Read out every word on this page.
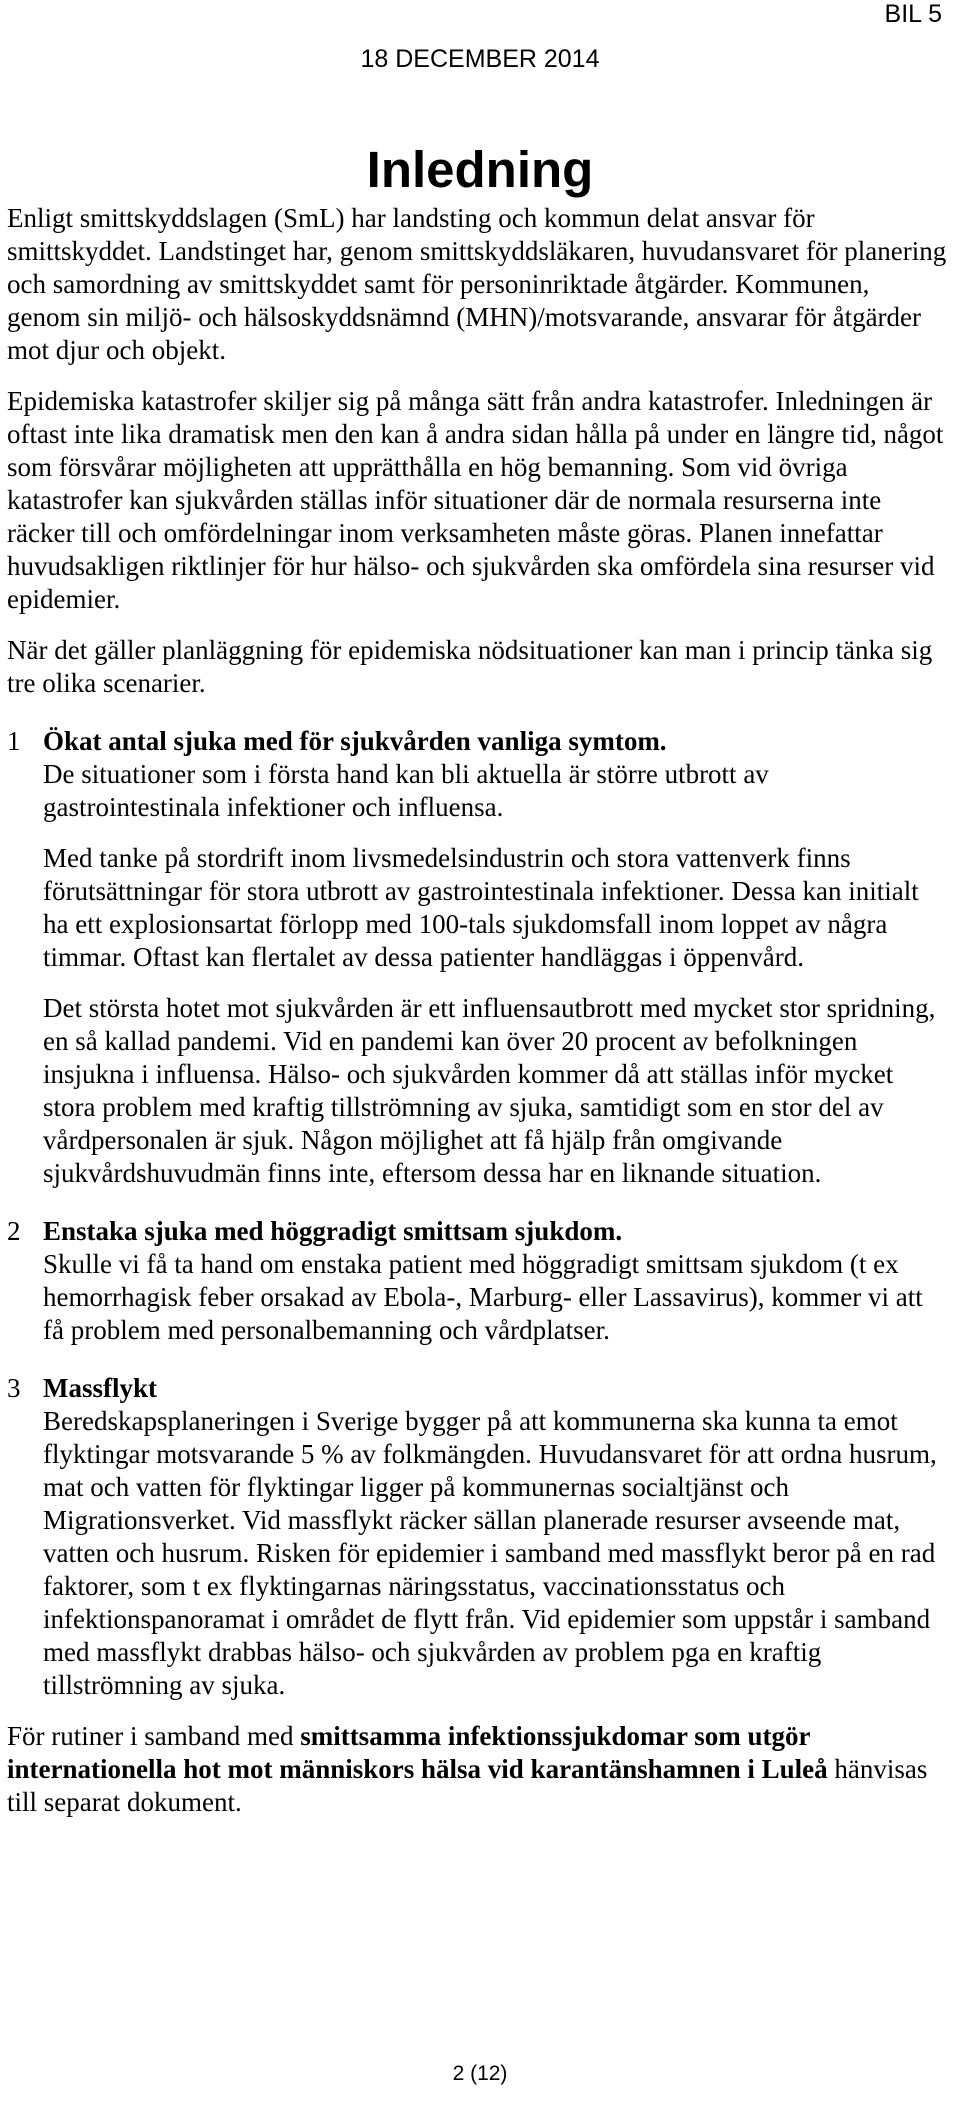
BIL 5
18 DECEMBER 2014
Inledning

Enligt smittskyddslagen (SmL) har landsting och kommun delat ansvar för smittskyddet. Landstinget har, genom smittskyddsläkaren, huvudansvaret för planering och samordning av smittskyddet samt för personinriktade åtgärder. Kommunen, genom sin miljö- och hälsoskyddsnämnd (MHN)/motsvarande, ansvarar för åtgärder mot djur och objekt.

Epidemiska katastrofer skiljer sig på många sätt från andra katastrofer. Inledningen är oftast inte lika dramatisk men den kan å andra sidan hålla på under en längre tid, något som försvårar möjligheten att upprätthålla en hög bemanning. Som vid övriga katastrofer kan sjukvården ställas inför situationer där de normala resurserna inte räcker till och omfördelningar inom verksamheten måste göras. Planen innefattar huvudsakligen riktlinjer för hur hälso- och sjukvården ska omfördela sina resurser vid epidemier.

När det gäller planläggning för epidemiska nödsituationer kan man i princip tänka sig tre olika scenarier.

1 Ökat antal sjuka med för sjukvården vanliga symtom.

De situationer som i första hand kan bli aktuella är större utbrott av gastrointestinala infektioner och influensa.

Med tanke på stordrift inom livsmedelsindustrin och stora vattenverk finns förutsättningar för stora utbrott av gastrointestinala infektioner. Dessa kan initialt ha ett explosionsartat förlopp med 100-tals sjukdomsfall inom loppet av några timmar. Oftast kan flertalet av dessa patienter handläggas i öppenvård.

Det största hotet mot sjukvården är ett influensautbrott med mycket stor spridning, en så kallad pandemi. Vid en pandemi kan över 20 procent av befolkningen insjukna i influensa. Hälso- och sjukvården kommer då att ställas inför mycket stora problem med kraftig tillströmning av sjuka, samtidigt som en stor del av vårdpersonalen är sjuk. Någon möjlighet att få hjälp från omgivande sjukvårdshuvudmän finns inte, eftersom dessa har en liknande situation.

2 Enstaka sjuka med höggradigt smittsam sjukdom.

Skulle vi få ta hand om enstaka patient med höggradigt smittsam sjukdom (t ex hemorrhagisk feber orsakad av Ebola-, Marburg- eller Lassavirus), kommer vi att få problem med personalbemanning och vårdplatser.

3 Massflykt

Beredskapsplaneringen i Sverige bygger på att kommunerna ska kunna ta emot flyktingar motsvarande 5 % av folkmängden. Huvudansvaret för att ordna husrum, mat och vatten för flyktingar ligger på kommunernas socialtjänst och Migrationsverket. Vid massflykt räcker sällan planerade resurser avseende mat, vatten och husrum. Risken för epidemier i samband med massflykt beror på en rad faktorer, som t ex flyktingarnas näringsstatus, vaccinationsstatus och infektionspanoramat i området de flytt från. Vid epidemier som uppstår i samband med massflykt drabbas hälso- och sjukvården av problem pga en kraftig tillströmning av sjuka.

För rutiner i samband med smittsamma infektionssjukdomar som utgör internationella hot mot människors hälsa vid karantänshamnen i Luleå hänvisas till separat dokument.

2 (12)
